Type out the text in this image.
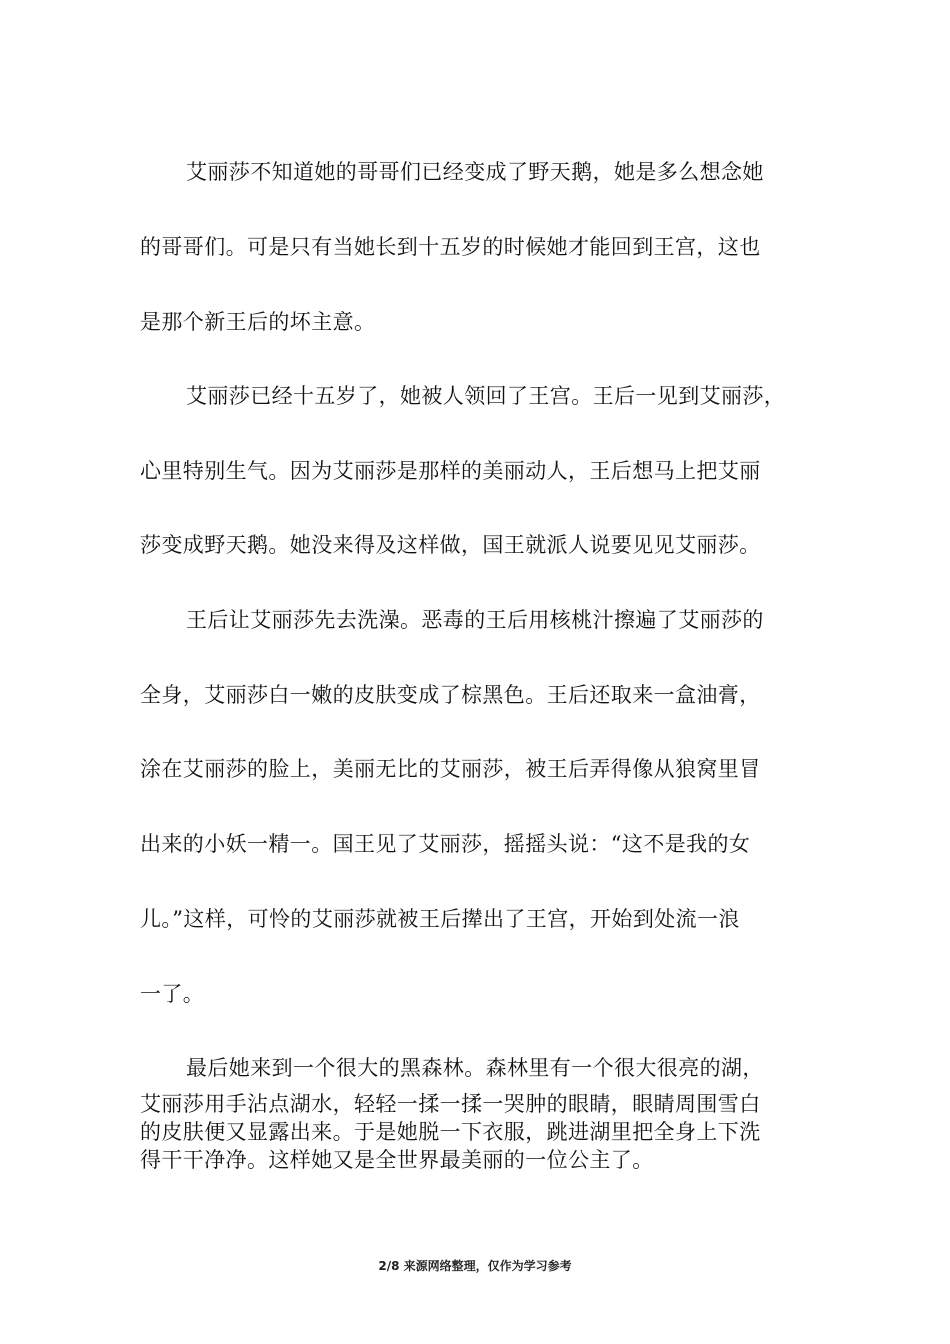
艾丽莎不知道她的哥哥们已经变成了野天鹅，她是多么想念她
的哥哥们。可是只有当她长到十五岁的时候她才能回到王宫，这也
是那个新王后的坏主意。
艾丽莎已经十五岁了，她被人领回了王宫。王后一见到艾丽莎，
心里特别生气。因为艾丽莎是那样的美丽动人，王后想马上把艾丽
莎变成野天鹅。她没来得及这样做，国王就派人说要见见艾丽莎。
王后让艾丽莎先去洗澡。恶毒的王后用核桃汁擦遍了艾丽莎的
全身，艾丽莎白一嫩的皮肤变成了棕黑色。王后还取来一盒油膏，
涂在艾丽莎的脸上，美丽无比的艾丽莎，被王后弄得像从狼窝里冒
出来的小妖一精一。国王见了艾丽莎，摇摇头说：“这不是我的女
儿。”这样，可怜的艾丽莎就被王后撵出了王宫，开始到处流一浪
一了。
最后她来到一个很大的黑森林。森林里有一个很大很亮的湖，
艾丽莎用手沾点湖水，轻轻一揉一揉一哭肿的眼睛，眼睛周围雪白
的皮肤便又显露出来。于是她脱一下衣服，跳进湖里把全身上下洗
得干干净净。这样她又是全世界最美丽的一位公主了。
2/8 来源网络整理，仅作为学习参考
